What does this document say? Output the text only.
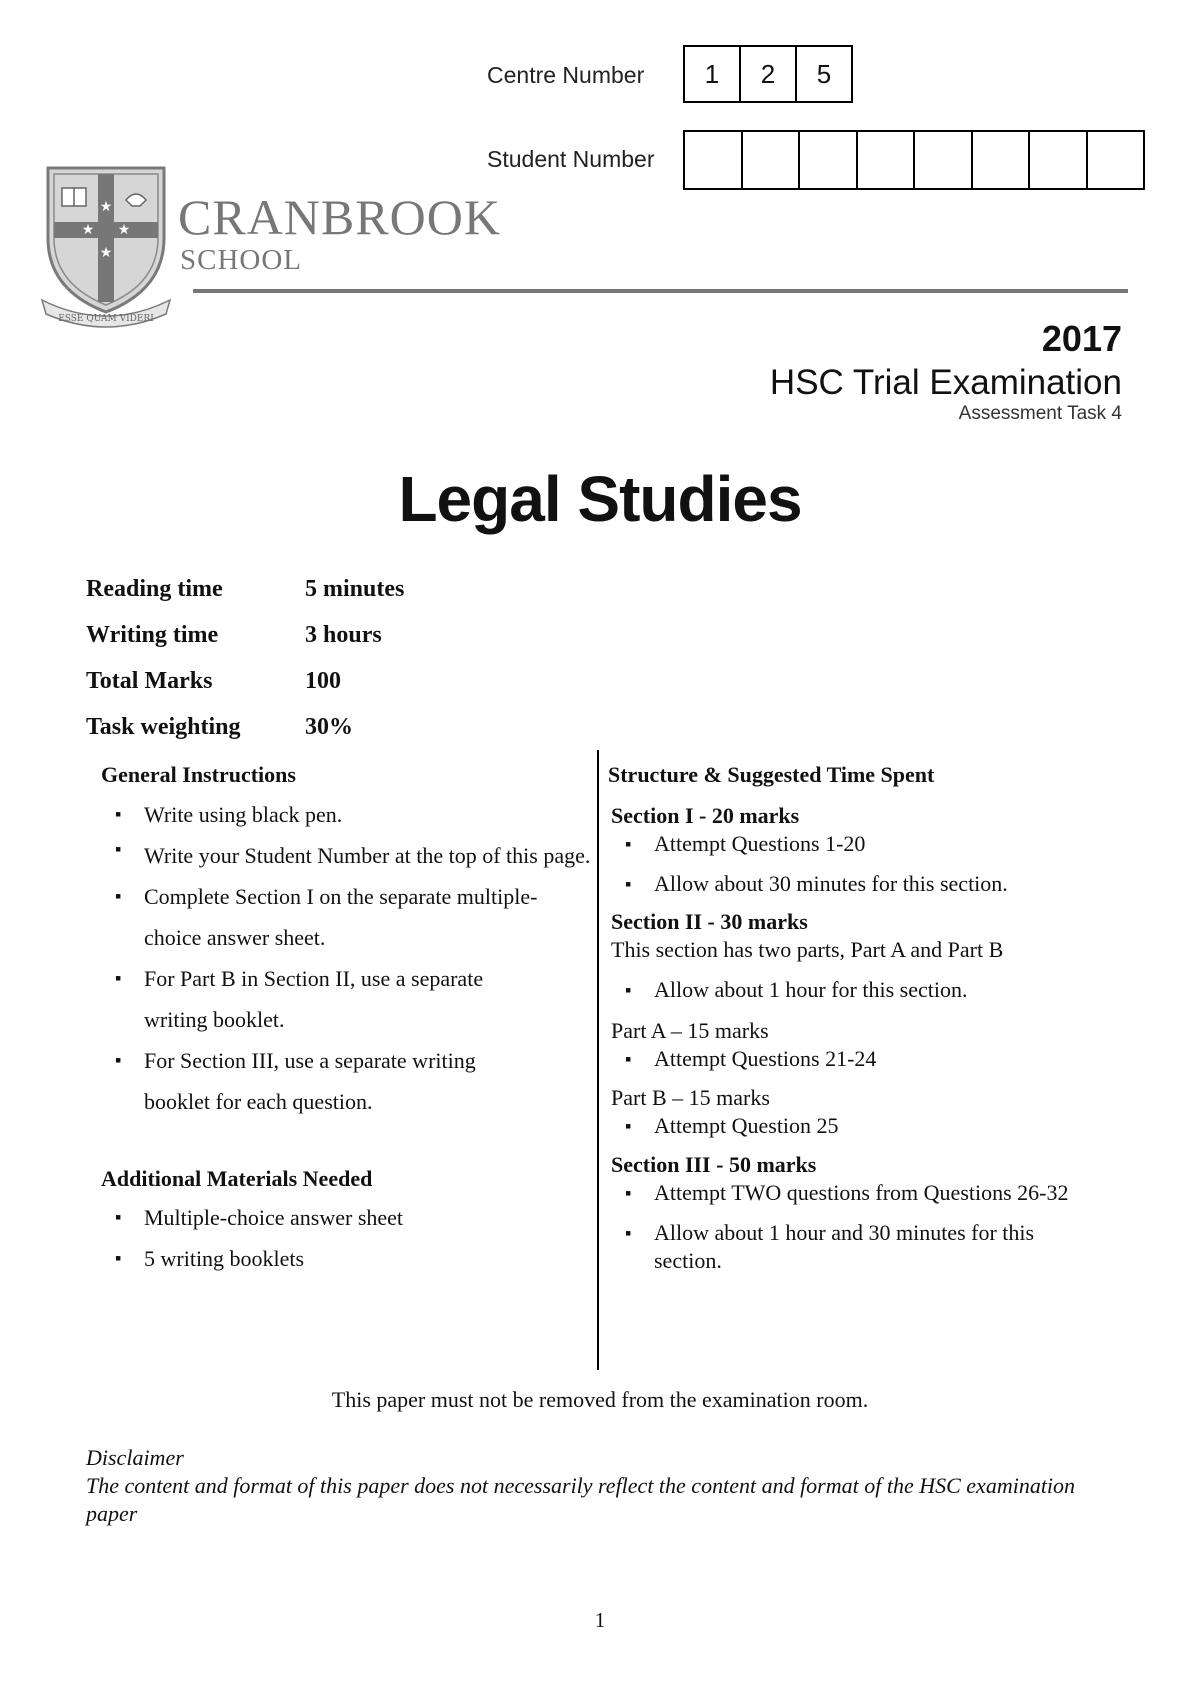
Centre Number	1	2	5
Student Number
★
★ ★
★
ESSE QUAM VIDERI
CRANBROOK
SCHOOL
2017
HSC Trial Examination
Assessment Task 4
Legal Studies
Reading time	5 minutes
Writing time	3 hours
Total Marks	100
Task weighting	30%

General Instructions

▪ Write using black pen.
▪ Write your Student Number at the top of this page.
▪ Complete Section I on the separate multiple-choice answer sheet.
▪ For Part B in Section II, use a separate writing booklet.
▪ For Section III, use a separate writing booklet for each question.

Additional Materials Needed

▪ Multiple-choice answer sheet
▪ 5 writing booklets

Structure & Suggested Time Spent

Section I - 20 marks
▪ Attempt Questions 1-20
▪ Allow about 30 minutes for this section.
Section II - 30 marks
This section has two parts, Part A and Part B
▪ Allow about 1 hour for this section.
Part A – 15 marks
▪ Attempt Questions 21-24
Part B – 15 marks
▪ Attempt Question 25
Section III - 50 marks
▪ Attempt TWO questions from Questions 26-32
▪ Allow about 1 hour and 30 minutes for this section.
This paper must not be removed from the examination room.
Disclaimer
The content and format of this paper does not necessarily reflect the content and format of the HSC examination paper
1
